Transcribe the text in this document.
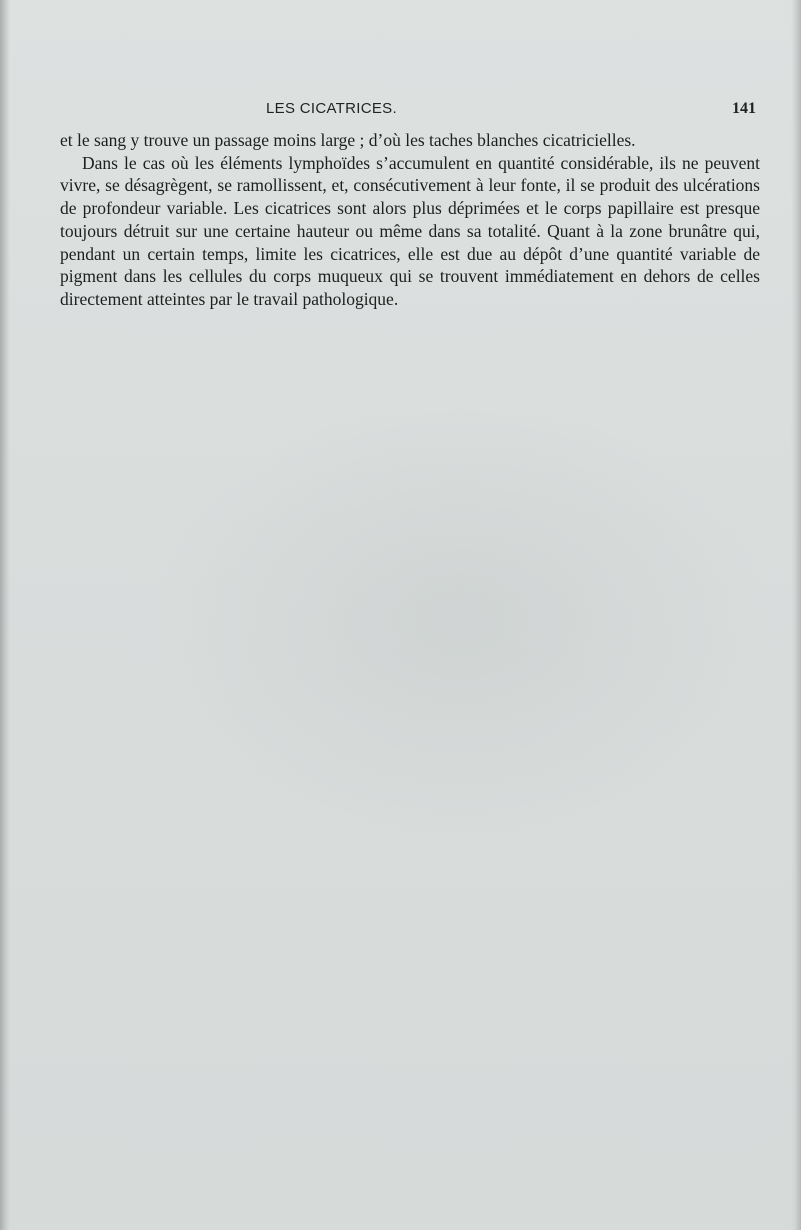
LES CICATRICES.	141

et le sang y trouve un passage moins large ; d’où les taches blanches cicatricielles.

Dans le cas où les éléments lymphoïdes s’accumulent en quantité considérable, ils ne peuvent vivre, se désagrègent, se ramollissent, et, consécutivement à leur fonte, il se produit des ulcérations de profondeur variable. Les cicatrices sont alors plus déprimées et le corps papillaire est presque toujours détruit sur une certaine hauteur ou même dans sa totalité. Quant à la zone brunâtre qui, pendant un certain temps, limite les cicatrices, elle est due au dépôt d’une quantité variable de pigment dans les cellules du corps muqueux qui se trouvent immédiatement en dehors de celles directement atteintes par le travail pathologique.
